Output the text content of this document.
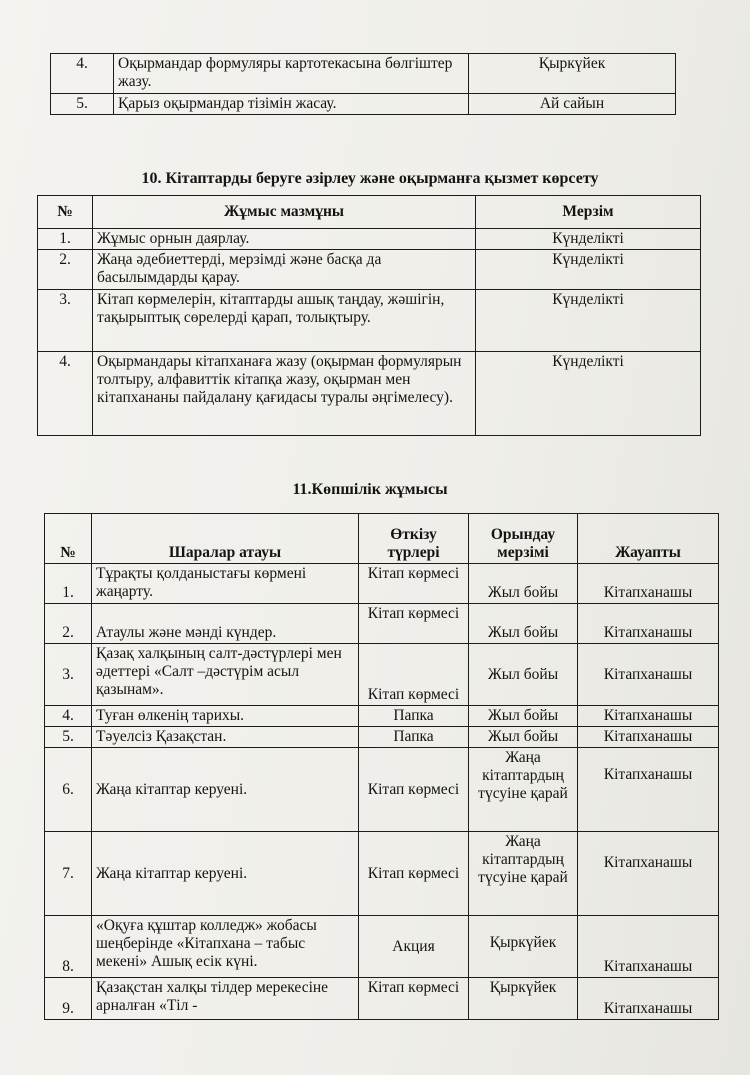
4.	Оқырмандар формуляры картотекасына бөлгіштер жазу.	Қыркүйек
5.	Қарыз оқырмандар тізімін жасау.	Ай сайын
10. Кітаптарды беруге әзірлеу және оқырманға қызмет көрсету
№	Жұмыс мазмұны	Мерзім
1.	Жұмыс орнын даярлау.	Күнделікті
2.	Жаңа әдебиеттерді, мерзімді және басқа да басылымдарды қарау.	Күнделікті
3.	Кітап көрмелерін, кітаптарды ашық таңдау, жәшігін, тақырыптық сөрелерді қарап, толықтыру.	Күнделікті
4.	Оқырмандары кітапханаға жазу (оқырман формулярын толтыру, алфавиттік кітапқа жазу, оқырман мен кітапхананы пайдалану қағидасы туралы әңгімелесу).	Күнделікті
11.Көпшілік жұмысы
№	Шаралар атауы	Өткізу түрлері	Орындау мерзімі	Жауапты
1.	Тұрақты қолданыстағы көрмені жаңарту.	Кітап көрмесі	Жыл бойы	Кітапханашы
2.	Атаулы және мәнді күндер.	Кітап көрмесі	Жыл бойы	Кітапханашы
3.	Қазақ халқының салт-дәстүрлері мен әдеттері «Салт –дәстүрім асыл қазынам».	Кітап көрмесі	Жыл бойы	Кітапханашы
4.	Туған өлкенің тарихы.	Папка	Жыл бойы	Кітапханашы
5.	Тәуелсіз Қазақстан.	Папка	Жыл бойы	Кітапханашы
6.	Жаңа кітаптар керуені.	Кітап көрмесі	Жаңа кітаптардың түсуіне қарай	Кітапханашы
7.	Жаңа кітаптар керуені.	Кітап көрмесі	Жаңа кітаптардың түсуіне қарай	Кітапханашы
8.	«Оқуға құштар колледж» жобасы шеңберінде «Кітапхана – табыс мекені» Ашық есік күні.	Акция	Қыркүйек	Кітапханашы
9.	Қазақстан халқы тілдер мерекесіне арналған «Тіл -	Кітап көрмесі	Қыркүйек	Кітапханашы
